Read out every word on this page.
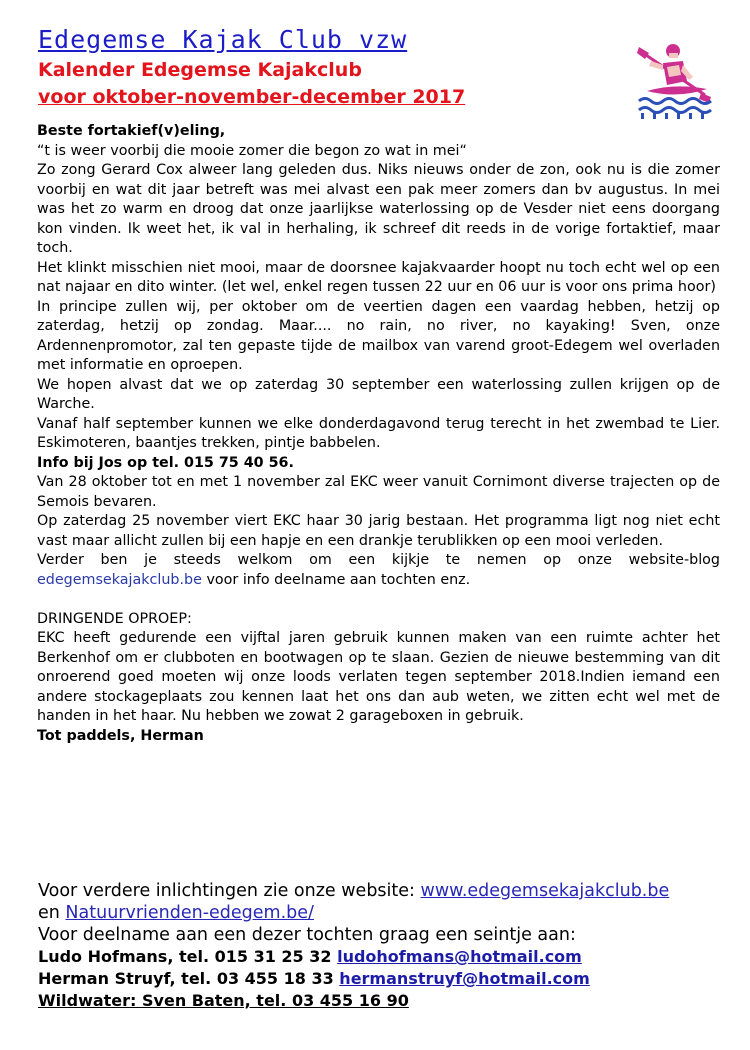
Edegemse Kajak Club vzw
Kalender Edegemse Kajakclub
voor oktober-november-december 2017

Beste fortakief(v)eling,

“t is weer voorbij die mooie zomer die begon zo wat in mei“

Zo zong Gerard Cox alweer lang geleden dus. Niks nieuws onder de zon, ook nu is die zomer voorbij en wat dit jaar betreft was mei alvast een pak meer zomers dan bv augustus. In mei was het zo warm en droog dat onze jaarlijkse waterlossing op de Vesder niet eens doorgang kon vinden. Ik weet het, ik val in herhaling, ik schreef dit reeds in de vorige fortaktief, maar toch.

Het klinkt misschien niet mooi, maar de doorsnee kajakvaarder hoopt nu toch echt wel op een nat najaar en dito winter. (let wel, enkel regen tussen 22 uur en 06 uur is voor ons prima hoor)

In principe zullen wij, per oktober om de veertien dagen een vaardag hebben, hetzij op zaterdag, hetzij op zondag. Maar.... no rain, no river, no kayaking! Sven, onze Ardennenpromotor, zal ten gepaste tijde de mailbox van varend groot-Edegem wel overladen met informatie en oproepen.

We hopen alvast dat we op zaterdag 30 september een waterlossing zullen krijgen op de Warche.

Vanaf half september kunnen we elke donderdagavond terug terecht in het zwembad te Lier. Eskimoteren, baantjes trekken, pintje babbelen.

Info bij Jos op tel. 015 75 40 56.

Van 28 oktober tot en met 1 november zal EKC weer vanuit Cornimont diverse trajecten op de Semois bevaren.

Op zaterdag 25 november viert EKC haar 30 jarig bestaan. Het programma ligt nog niet echt vast maar allicht zullen bij een hapje en een drankje terublikken op een mooi verleden.

Verder ben je steeds welkom om een kijkje te nemen op onze website-blog edegemsekajakclub.be voor info deelname aan tochten enz.

DRINGENDE OPROEP:

EKC heeft gedurende een vijftal jaren gebruik kunnen maken van een ruimte achter het Berkenhof om er clubboten en bootwagen op te slaan. Gezien de nieuwe bestemming van dit onroerend goed moeten wij onze loods verlaten tegen september 2018.Indien iemand een andere stockageplaats zou kennen laat het ons dan aub weten, we zitten echt wel met de handen in het haar. Nu hebben we zowat 2 garageboxen in gebruik.

Tot paddels, Herman

Voor verdere inlichtingen zie onze website: www.edegemsekajakclub.be
en Natuurvrienden-edegem.be/
Voor deelname aan een dezer tochten graag een seintje aan:
Ludo Hofmans, tel. 015 31 25 32 ludohofmans@hotmail.com
Herman Struyf, tel. 03 455 18 33 hermanstruyf@hotmail.com
Wildwater: Sven Baten, tel. 03 455 16 90
